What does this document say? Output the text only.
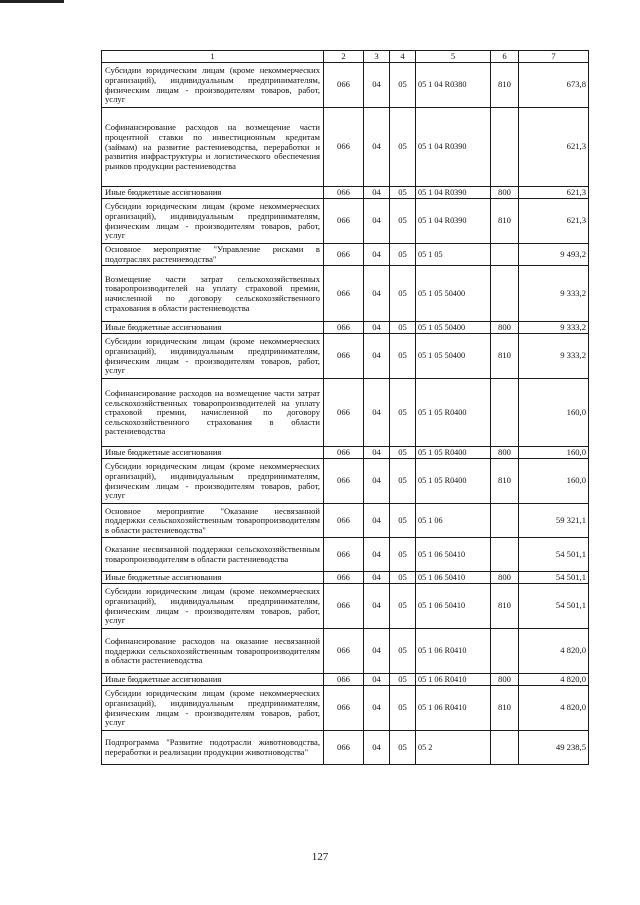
1	2	3	4	5	6	7
Субсидии юридическим лицам (кроме некоммерческих организаций), индивидуальным предпринимателям, физическим лицам - производителям товаров, работ, услуг	066	04	05	05 1 04 R0380	810	673,8
Софинансирование расходов на возмещение части процентной ставки по инвестиционным кредитам (займам) на развитие растениеводства, переработки и развития инфраструктуры и логистического обеспечения рынков продукции растениеводства	066	04	05	05 1 04 R0390		621,3
Иные бюджетные ассигнования	066	04	05	05 1 04 R0390	800	621,3
Субсидии юридическим лицам (кроме некоммерческих организаций), индивидуальным предпринимателям, физическим лицам - производителям товаров, работ, услуг	066	04	05	05 1 04 R0390	810	621,3
Основное мероприятие "Управление рисками в подотраслях растениеводства"	066	04	05	05 1 05		9 493,2
Возмещение части затрат сельскохозяйственных товаропроизводителей на уплату страховой премии, начисленной по договору сельскохозяйственного страхования в области растениеводства	066	04	05	05 1 05 50400		9 333,2
Иные бюджетные ассигнования	066	04	05	05 1 05 50400	800	9 333,2
Субсидии юридическим лицам (кроме некоммерческих организаций), индивидуальным предпринимателям, физическим лицам - производителям товаров, работ, услуг	066	04	05	05 1 05 50400	810	9 333,2
Софинансирование расходов на возмещение части затрат сельскохозяйственных товаропроизводителей на уплату страховой премии, начисленной по договору сельскохозяйственного страхования в области растениеводства	066	04	05	05 1 05 R0400		160,0
Иные бюджетные ассигнования	066	04	05	05 1 05 R0400	800	160,0
Субсидии юридическим лицам (кроме некоммерческих организаций), индивидуальным предпринимателям, физическим лицам - производителям товаров, работ, услуг	066	04	05	05 1 05 R0400	810	160,0
Основное мероприятие "Оказание несвязанной поддержки сельскохозяйственным товаропроизводителям в области растениеводства"	066	04	05	05 1 06		59 321,1
Оказание несвязанной поддержки сельскохозяйственным товаропроизводителям в области растениеводства	066	04	05	05 1 06 50410		54 501,1
Иные бюджетные ассигнования	066	04	05	05 1 06 50410	800	54 501,1
Субсидии юридическим лицам (кроме некоммерческих организаций), индивидуальным предпринимателям, физическим лицам - производителям товаров, работ, услуг	066	04	05	05 1 06 50410	810	54 501,1
Софинансирование расходов на оказание несвязанной поддержки сельскохозяйственным товаропроизводителям в области растениеводства	066	04	05	05 1 06 R0410		4 820,0
Иные бюджетные ассигнования	066	04	05	05 1 06 R0410	800	4 820,0
Субсидии юридическим лицам (кроме некоммерческих организаций), индивидуальным предпринимателям, физическим лицам - производителям товаров, работ, услуг	066	04	05	05 1 06 R0410	810	4 820,0
Подпрограмма "Развитие подотрасли животноводства, переработки и реализации продукции животноводства"	066	04	05	05 2		49 238,5
127
